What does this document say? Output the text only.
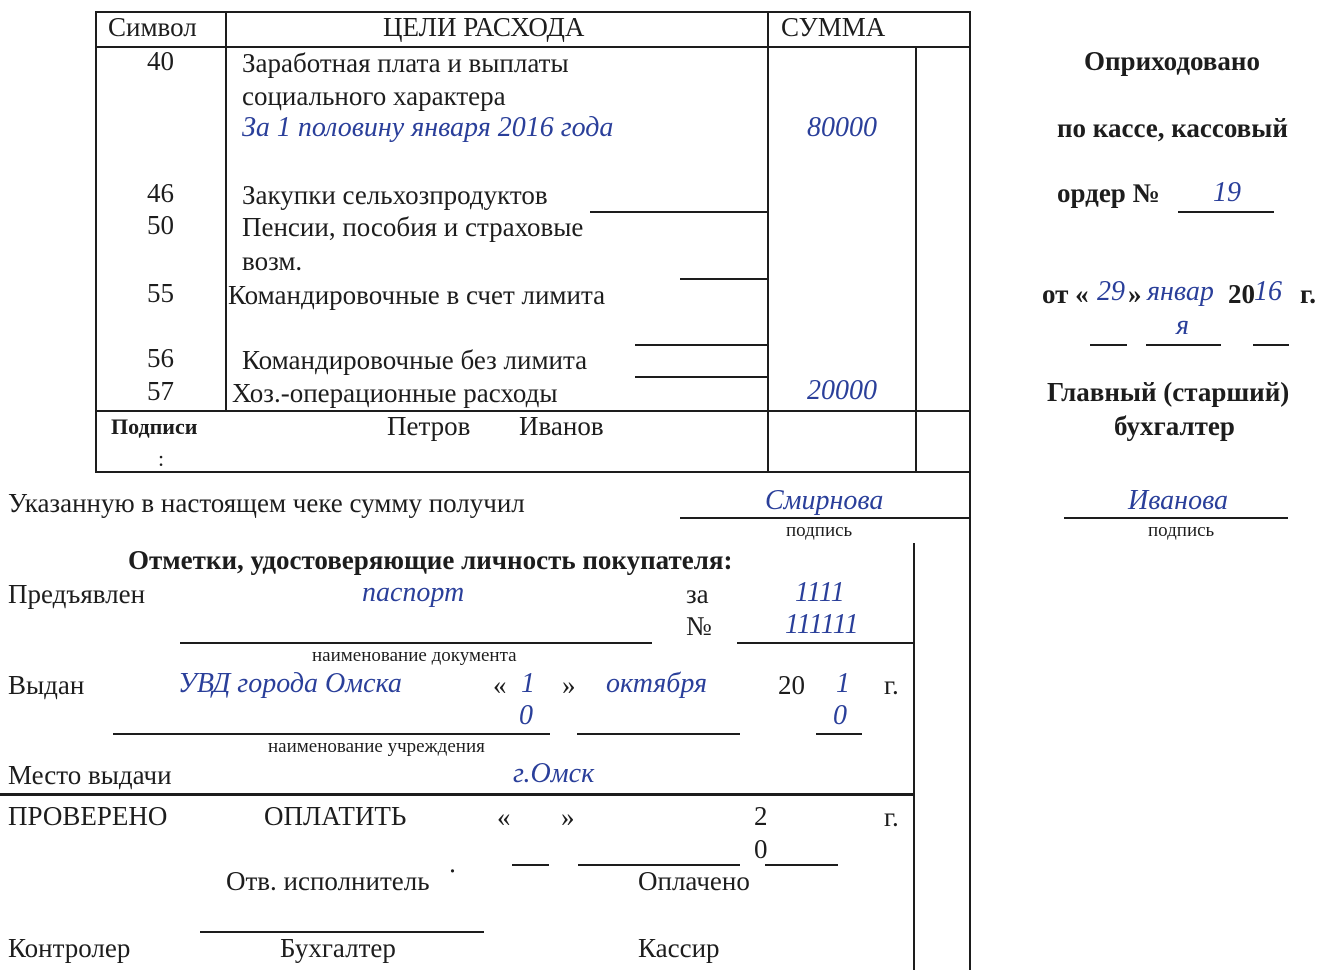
Символ	ЦЕЛИ РАСХОДА	СУММА
40	Заработная плата и выплаты
социального характера
За 1 половину января 2016 года	80000
46	Закупки сельхозпродуктов
50	Пенсии, пособия и страховые
возм.
55 Командировочные в счет лимита
56	Командировочные без лимита
57 Хоз.-операционные расходы	20000
Подписи
:
Петров Иванов
Оприходовано
по кассе, кассовый
ордер № 19
от « 29 » январ
я
20 1 6 г.
Главный (старший)
бухгалтер
Иванова
подпись
Указанную в настоящем чеке сумму получил	Смирнова
подпись
Отметки, удостоверяющие личность покупателя:
Предъявлен	паспорт	за	1111
№	111111
наименование документа
Выдан	УВД города Омска	« 1
0
» октября	20 1
0
г.
наименование учреждения
Место выдачи	г.Омск
ПРОВЕРЕНО	ОПЛАТИТЬ	« »	2
0
г.
Отв. исполнитель ·	Оплачено
Контролер	Бухгалтер	Кассир
